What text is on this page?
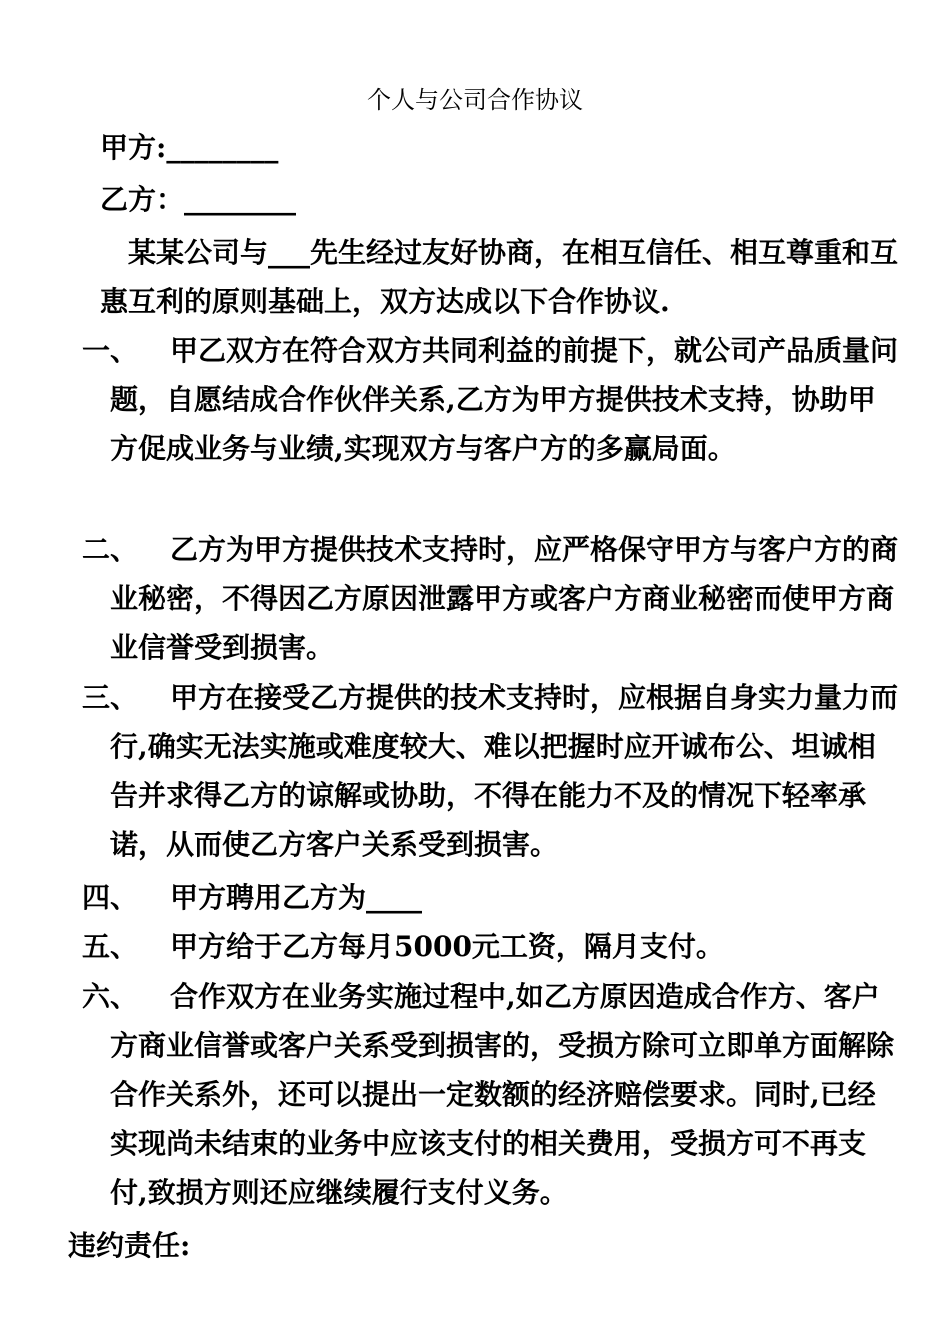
个人与公司合作协议
甲方:________
乙方：________
某某公司与___先生经过友好协商，在相互信任、相互尊重和互惠互利的原则基础上，双方达成以下合作协议.
一、	甲乙双方在符合双方共同利益的前提下，就公司产品质量问题，自愿结成合作伙伴关系,乙方为甲方提供技术支持，协助甲方促成业务与业绩,实现双方与客户方的多赢局面。
二、	乙方为甲方提供技术支持时，应严格保守甲方与客户方的商业秘密，不得因乙方原因泄露甲方或客户方商业秘密而使甲方商业信誉受到损害。
三、	甲方在接受乙方提供的技术支持时，应根据自身实力量力而行,确实无法实施或难度较大、难以把握时应开诚布公、坦诚相告并求得乙方的谅解或协助，不得在能力不及的情况下轻率承诺，从而使乙方客户关系受到损害。
四、	甲方聘用乙方为____
五、	甲方给于乙方每月5000元工资，隔月支付。
六、	合作双方在业务实施过程中,如乙方原因造成合作方、客户方商业信誉或客户关系受到损害的，受损方除可立即单方面解除合作关系外，还可以提出一定数额的经济赔偿要求。同时,已经实现尚未结束的业务中应该支付的相关费用，受损方可不再支付,致损方则还应继续履行支付义务。
违约责任:
